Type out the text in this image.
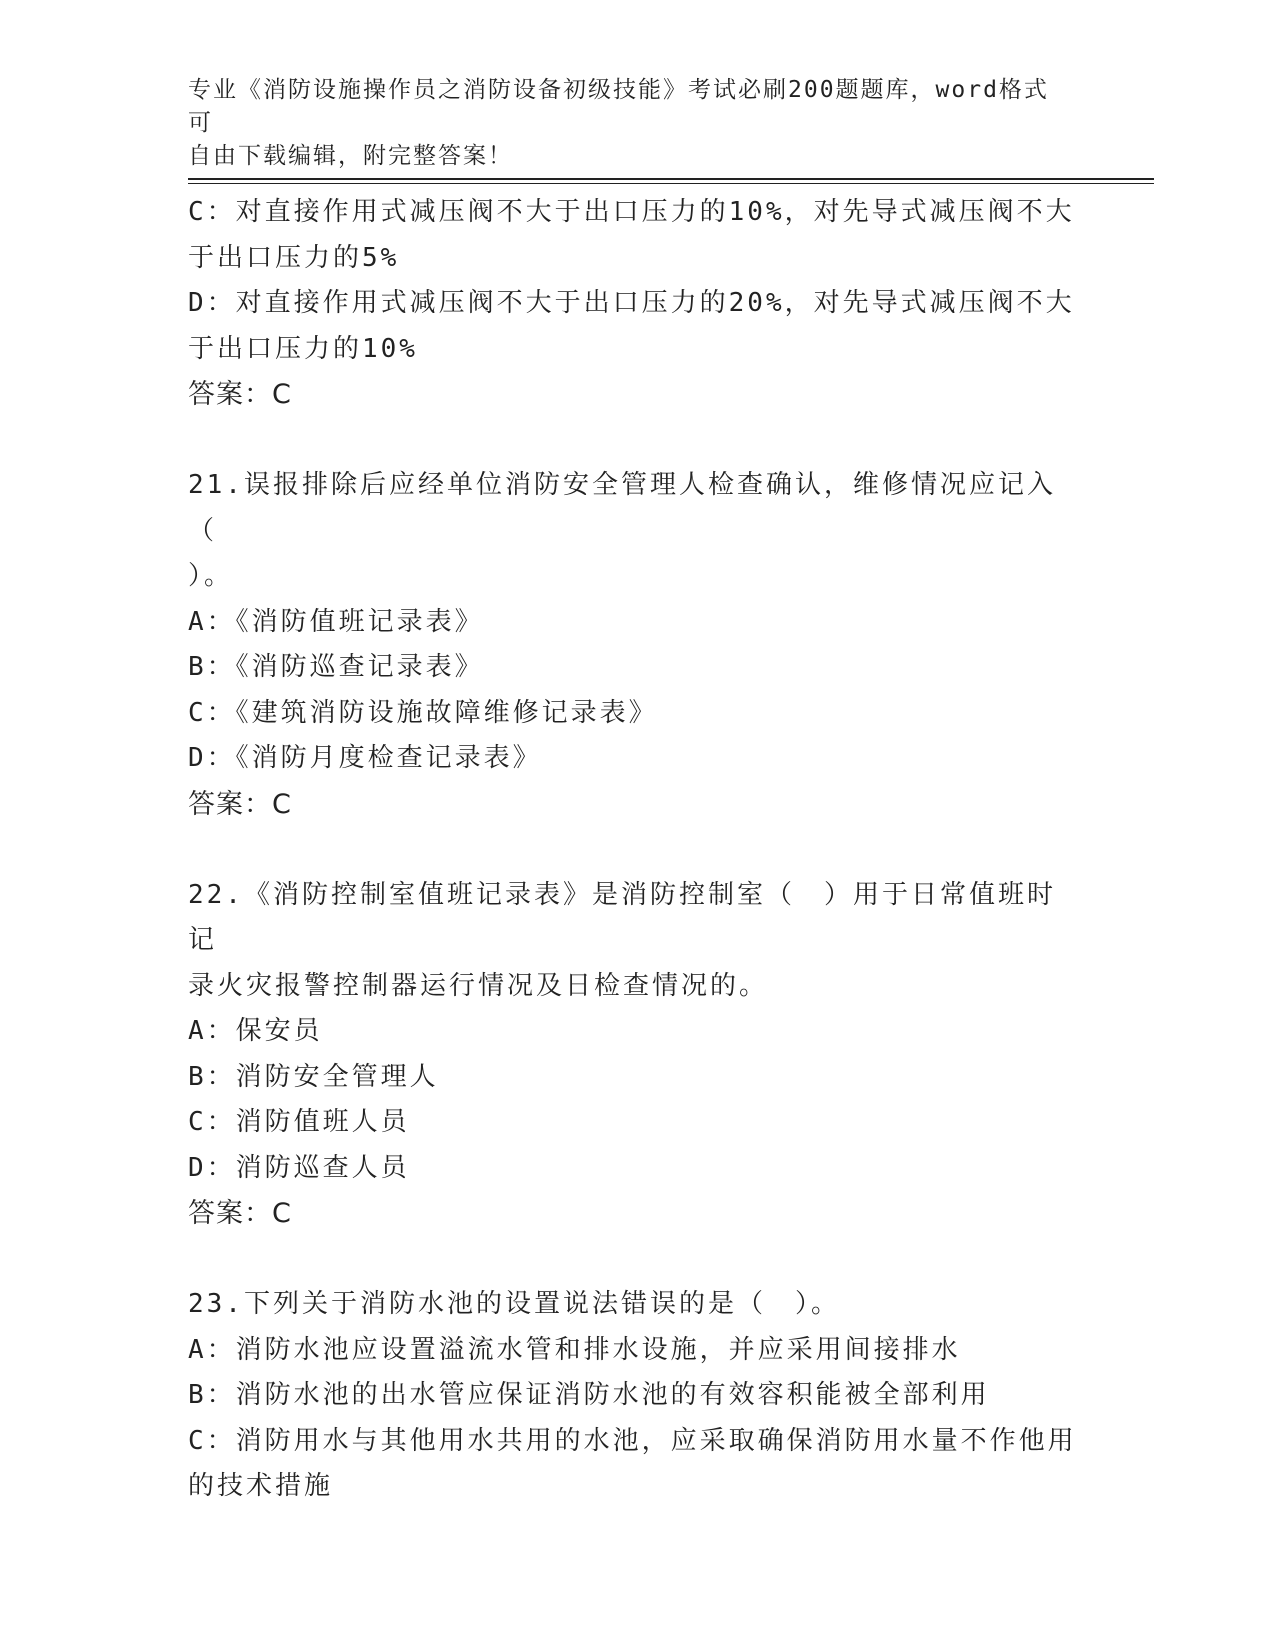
专业《消防设施操作员之消防设备初级技能》考试必刷200题题库，word格式可
自由下载编辑，附完整答案！
C：对直接作用式减压阀不大于出口压力的10%，对先导式减压阀不大
于出口压力的5%
D：对直接作用式减压阀不大于出口压力的20%，对先导式减压阀不大
于出口压力的10%
答案：C
21.误报排除后应经单位消防安全管理人检查确认，维修情况应记入（
）。
A：《消防值班记录表》
B：《消防巡查记录表》
C：《建筑消防设施故障维修记录表》
D：《消防月度检查记录表》
答案：C
22.《消防控制室值班记录表》是消防控制室（　）用于日常值班时记
录火灾报警控制器运行情况及日检查情况的。
A：保安员
B：消防安全管理人
C：消防值班人员
D：消防巡查人员
答案：C
23.下列关于消防水池的设置说法错误的是（　）。
A：消防水池应设置溢流水管和排水设施，并应采用间接排水
B：消防水池的出水管应保证消防水池的有效容积能被全部利用
C：消防用水与其他用水共用的水池，应采取确保消防用水量不作他用
的技术措施
